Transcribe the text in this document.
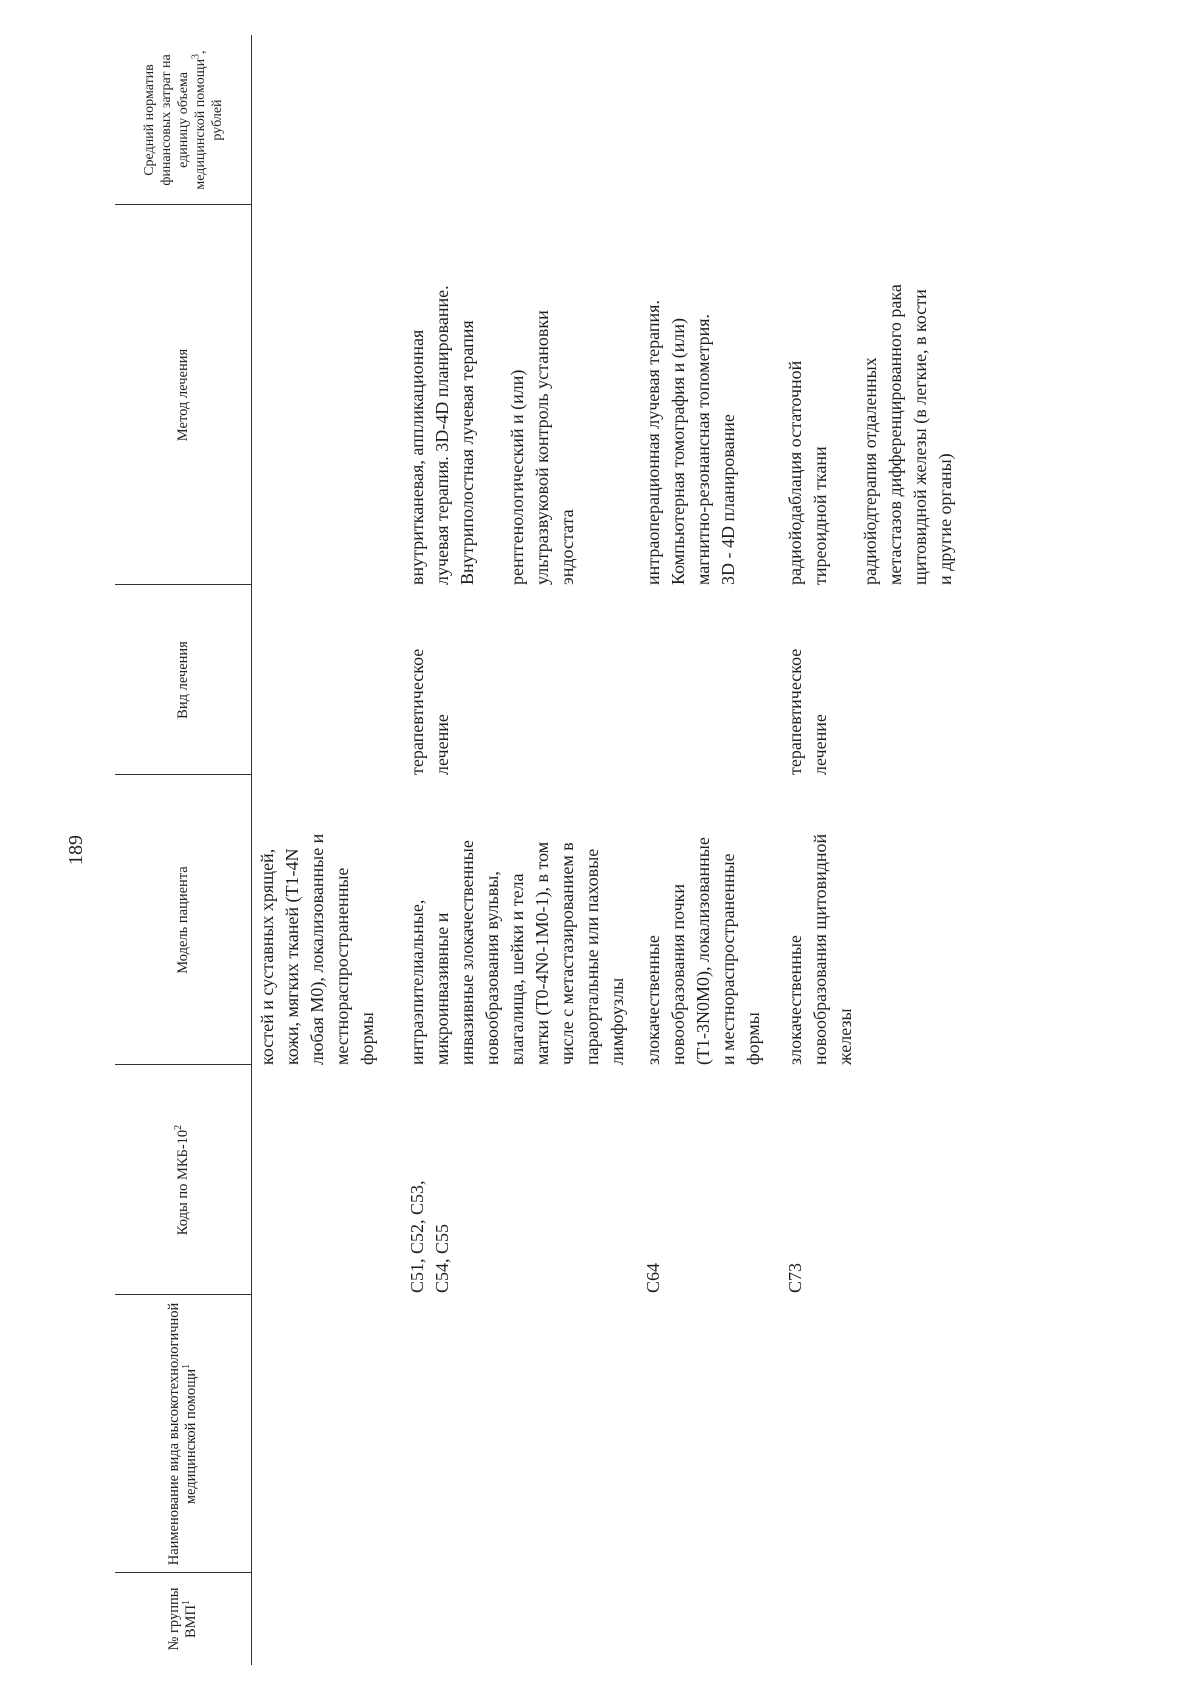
189
№ группы ВМП$^1$
Наименование вида высокотехнологичной медицинской помощи$^1$
Коды по МКБ-$10^2$
Модель пациента
Вид лечения
Метод лечения
Средний норматив финансовых затрат на единицу объема медицинской помощи$^3$, рублей
костей и суставных хрящей,
кожи, мягких тканей (T1-4N
любая M0), локализованные и
местнораспространенные
формы
C51, C52, C53,
C54, C55
интраэпителиальные,
микроинвазивные и
инвазивные злокачественные
новообразования вульвы,
влагалища, шейки и тела
матки (T0-4N0-1M0-1), в том
числе с метастазированием в
параортальные или паховые
лимфоузлы
терапевтическое
лечение
внутритканевая, аппликационная
лучевая терапия. 3D-4D планирование.
Внутриполостная лучевая терапия

рентгенологический и (или)
ультразвуковой контроль установки
эндостата
C64
злокачественные
новообразования почки
(T1-3N0M0), локализованные
и местнораспространенные
формы
интраоперационная лучевая терапия.
Компьютерная томография и (или)
магнитно-резонансная топометрия.
3D - 4D планирование
C73
злокачественные
новообразования щитовидной
железы
терапевтическое
лечение
радиойодаблация остаточной
тиреоидной ткани

радиойодтерапия отдаленных
метастазов дифференцированного рака
щитовидной железы (в легкие, в кости
и другие органы)
